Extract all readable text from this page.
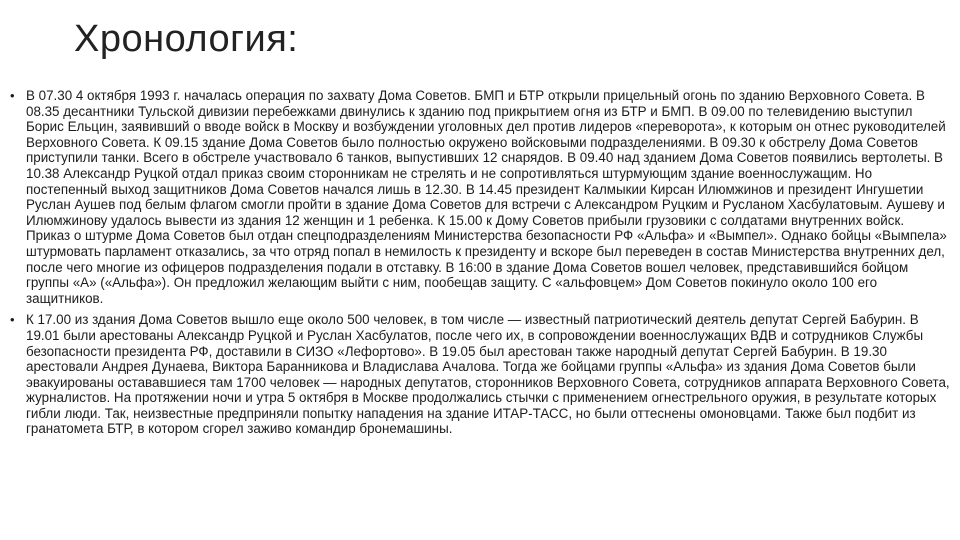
Хронология:

• В 07.30 4 октября 1993 г. началась операция по захвату Дома Советов. БМП и БТР открыли прицельный огонь по зданию Верховного Совета. В 08.35 десантники Тульской дивизии перебежками двинулись к зданию под прикрытием огня из БТР и БМП. В 09.00 по телевидению выступил Борис Ельцин, заявивший о вводе войск в Москву и возбуждении уголовных дел против лидеров «переворота», к которым он отнес руководителей Верховного Совета. К 09.15 здание Дома Советов было полностью окружено войсковыми подразделениями. В 09.30 к обстрелу Дома Советов приступили танки. Всего в обстреле участвовало 6 танков, выпустивших 12 снарядов. В 09.40 над зданием Дома Советов появились вертолеты. В 10.38 Александр Руцкой отдал приказ своим сторонникам не стрелять и не сопротивляться штурмующим здание военнослужащим. Но постепенный выход защитников Дома Советов начался лишь в 12.30. В 14.45 президент Калмыкии Кирсан Илюмжинов и президент Ингушетии Руслан Аушев под белым флагом смогли пройти в здание Дома Советов для встречи с Александром Руцким и Русланом Хасбулатовым. Аушеву и Илюмжинову удалось вывести из здания 12 женщин и 1 ребенка. К 15.00 к Дому Советов прибыли грузовики с солдатами внутренних войск. Приказ о штурме Дома Советов был отдан спецподразделениям Министерства безопасности РФ «Альфа» и «Вымпел». Однако бойцы «Вымпела» штурмовать парламент отказались, за что отряд попал в немилость к президенту и вскоре был переведен в состав Министерства внутренних дел, после чего многие из офицеров подразделения подали в отставку. В 16:00 в здание Дома Советов вошел человек, представившийся бойцом группы «А» («Альфа»). Он предложил желающим выйти с ним, пообещав защиту. С «альфовцем» Дом Советов покинуло около 100 его защитников.

• К 17.00 из здания Дома Советов вышло еще около 500 человек, в том числе — известный патриотический деятель депутат Сергей Бабурин. В 19.01 были арестованы Александр Руцкой и Руслан Хасбулатов, после чего их, в сопровождении военнослужащих ВДВ и сотрудников Службы безопасности президента РФ, доставили в СИЗО «Лефортово». В 19.05 был арестован также народный депутат Сергей Бабурин. В 19.30 арестовали Андрея Дунаева, Виктора Баранникова и Владислава Ачалова. Тогда же бойцами группы «Альфа» из здания Дома Советов были эвакуированы остававшиеся там 1700 человек — народных депутатов, сторонников Верховного Совета, сотрудников аппарата Верховного Совета, журналистов. На протяжении ночи и утра 5 октября в Москве продолжались стычки с применением огнестрельного оружия, в результате которых гибли люди. Так, неизвестные предприняли попытку нападения на здание ИТАР-ТАСС, но были оттеснены омоновцами. Также был подбит из гранатомета БТР, в котором сгорел заживо командир бронемашины.
